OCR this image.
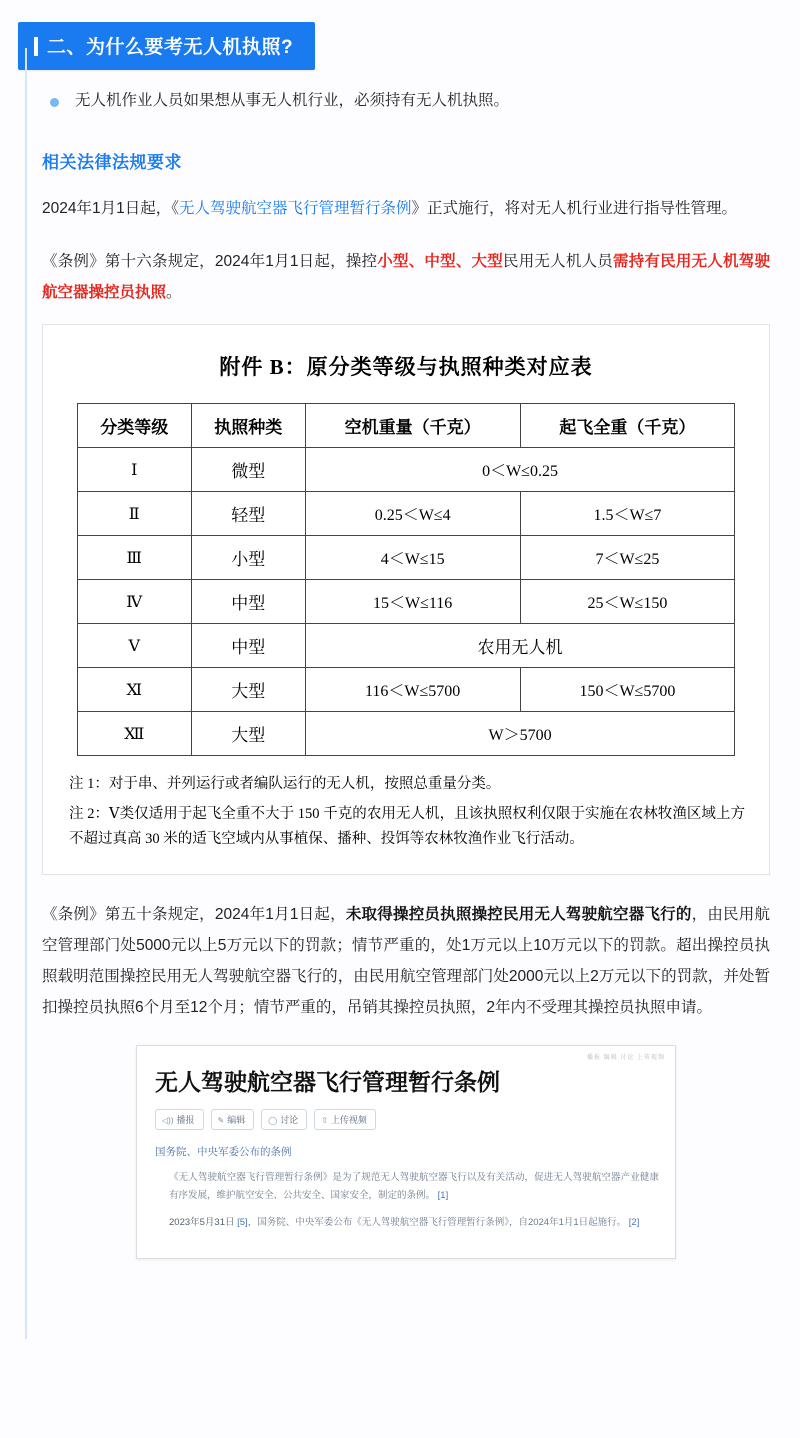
二、为什么要考无人机执照?
无人机作业人员如果想从事无人机行业，必须持有无人机执照。
相关法律法规要求

2024年1月1日起，《无人驾驶航空器飞行管理暂行条例》正式施行，将对无人机行业进行指导性管理。

《条例》第十六条规定，2024年1月1日起，操控小型、中型、大型民用无人机人员需持有民用无人机驾驶航空器操控员执照。

附件 B：原分类等级与执照种类对应表
分类等级	执照种类	空机重量（千克）	起飞全重（千克）
Ⅰ	微型	0＜W≤0.25	
Ⅱ	轻型	0.25＜W≤4	1.5＜W≤7
Ⅲ	小型	4＜W≤15	7＜W≤25
Ⅳ	中型	15＜W≤116	25＜W≤150
Ⅴ	中型	农用无人机	
Ⅺ	大型	116＜W≤5700	150＜W≤5700
Ⅻ	大型	W＞5700	

注 1：对于串、并列运行或者编队运行的无人机，按照总重量分类。

注 2：Ⅴ类仅适用于起飞全重不大于 150 千克的农用无人机，且该执照权利仅限于实施在农林牧渔区域上方不超过真高 30 米的适飞空域内从事植保、播种、投饵等农林牧渔作业飞行活动。

《条例》第五十条规定，2024年1月1日起，未取得操控员执照操控民用无人驾驶航空器飞行的，由民用航空管理部门处5000元以上5万元以下的罚款；情节严重的，处1万元以上10万元以下的罚款。超出操控员执照载明范围操控民用无人驾驶航空器飞行的，由民用航空管理部门处2000元以上2万元以下的罚款，并处暂扣操控员执照6个月至12个月；情节严重的，吊销其操控员执照，2年内不受理其操控员执照申请。

播报 编辑 讨论 上传视频
无人驾驶航空器飞行管理暂行条例
◁)) 播报	✎ 编辑	◯ 讨论	⇧ 上传视频
国务院、中央军委公布的条例
《无人驾驶航空器飞行管理暂行条例》是为了规范无人驾驶航空器飞行以及有关活动，促进无人驾驶航空器产业健康有序发展，维护航空安全、公共安全、国家安全，制定的条例。 [1]
2023年5月31日 [5]，国务院、中央军委公布《无人驾驶航空器飞行管理暂行条例》，自2024年1月1日起施行。 [2]
